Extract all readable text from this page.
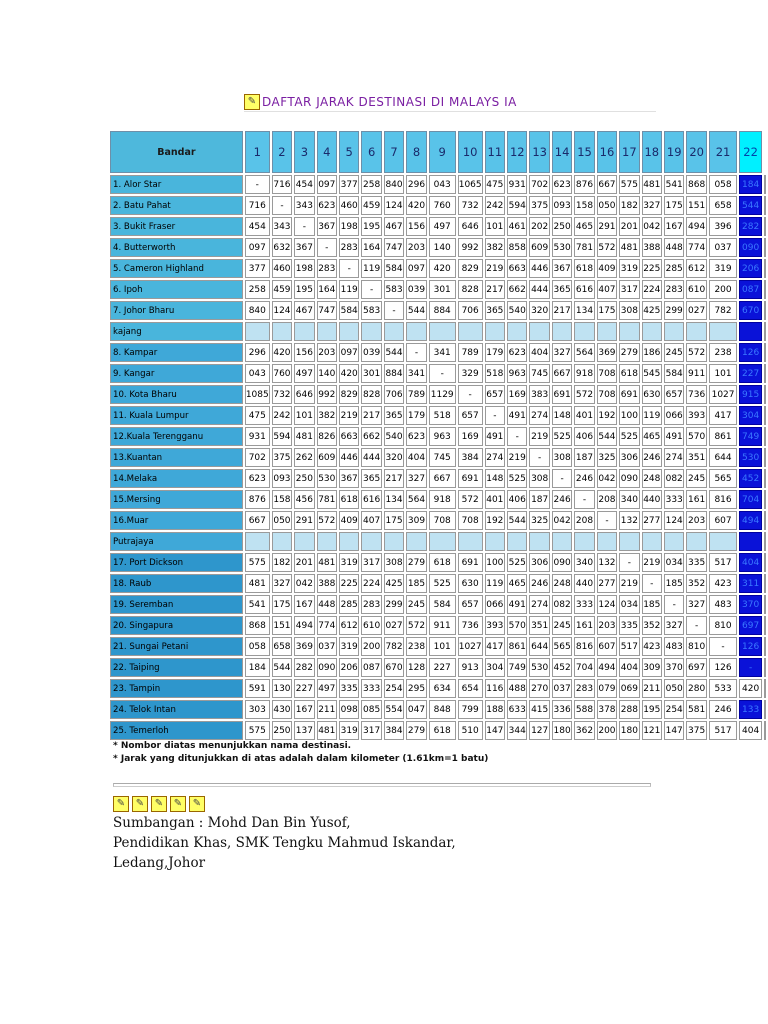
✎ DAFTAR JARAK DESTINASI DI MALAYS IA
Bandar	1	2	3	4	5	6	7	8	9	10	11	12	13	14	15	16	17	18	19	20	21	22	
1. Alor Star	-	716	454	097	377	258	840	296	043	1065	475	931	702	623	876	667	575	481	541	868	058	184	
2. Batu Pahat	716	-	343	623	460	459	124	420	760	732	242	594	375	093	158	050	182	327	175	151	658	544	
3. Bukit Fraser	454	343	-	367	198	195	467	156	497	646	101	461	202	250	465	291	201	042	167	494	396	282	
4. Butterworth	097	632	367	-	283	164	747	203	140	992	382	858	609	530	781	572	481	388	448	774	037	090	
5. Cameron Highland	377	460	198	283	-	119	584	097	420	829	219	663	446	367	618	409	319	225	285	612	319	206	
6. Ipoh	258	459	195	164	119	-	583	039	301	828	217	662	444	365	616	407	317	224	283	610	200	087	
7. Johor Bharu	840	124	467	747	584	583	-	544	884	706	365	540	320	217	134	175	308	425	299	027	782	670	
kajang																							
8. Kampar	296	420	156	203	097	039	544	-	341	789	179	623	404	327	564	369	279	186	245	572	238	126	
9. Kangar	043	760	497	140	420	301	884	341	-	329	518	963	745	667	918	708	618	545	584	911	101	227	
10. Kota Bharu	1085	732	646	992	829	828	706	789	1129	-	657	169	383	691	572	708	691	630	657	736	1027	915	
11. Kuala Lumpur	475	242	101	382	219	217	365	179	518	657	-	491	274	148	401	192	100	119	066	393	417	304	
12.Kuala Terengganu	931	594	481	826	663	662	540	623	963	169	491	-	219	525	406	544	525	465	491	570	861	749	
13.Kuantan	702	375	262	609	446	444	320	404	745	384	274	219	-	308	187	325	306	246	274	351	644	530	
14.Melaka	623	093	250	530	367	365	217	327	667	691	148	525	308	-	246	042	090	248	082	245	565	452	
15.Mersing	876	158	456	781	618	616	134	564	918	572	401	406	187	246	-	208	340	440	333	161	816	704	
16.Muar	667	050	291	572	409	407	175	309	708	708	192	544	325	042	208	-	132	277	124	203	607	494	
Putrajaya																							
17. Port Dickson	575	182	201	481	319	317	308	279	618	691	100	525	306	090	340	132	-	219	034	335	517	404	
18. Raub	481	327	042	388	225	224	425	185	525	630	119	465	246	248	440	277	219	-	185	352	423	311	
19. Seremban	541	175	167	448	285	283	299	245	584	657	066	491	274	082	333	124	034	185	-	327	483	370	
20. Singapura	868	151	494	774	612	610	027	572	911	736	393	570	351	245	161	203	335	352	327	-	810	697	
21. Sungai Petani	058	658	369	037	319	200	782	238	101	1027	417	861	644	565	816	607	517	423	483	810	-	126	
22. Taiping	184	544	282	090	206	087	670	128	227	913	304	749	530	452	704	494	404	309	370	697	126	-	
23. Tampin	591	130	227	497	335	333	254	295	634	654	116	488	270	037	283	079	069	211	050	280	533	420	
24. Telok Intan	303	430	167	211	098	085	554	047	848	799	188	633	415	336	588	378	288	195	254	581	246	133	
25. Temerloh	575	250	137	481	319	317	384	279	618	510	147	344	127	180	362	200	180	121	147	375	517	404	
* Nombor diatas menunjukkan nama destinasi.
* Jarak yang ditunjukkan di atas adalah dalam kilometer (1.61km=1 batu)
✎	✎	✎	✎	✎
Sumbangan : Mohd Dan Bin Yusof,
Pendidikan Khas, SMK Tengku Mahmud Iskandar,
Ledang,Johor
